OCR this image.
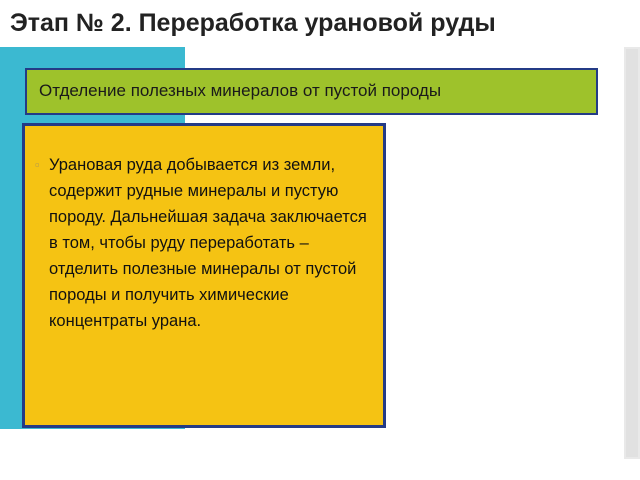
Этап № 2. Переработка урановой руды
Отделение полезных минералов от пустой породы
▫ Урановая руда добывается из земли, содержит рудные минералы и пустую породу. Дальнейшая задача заключается в том, чтобы руду переработать – отделить полезные минералы от пустой породы и получить химические концентраты урана.
